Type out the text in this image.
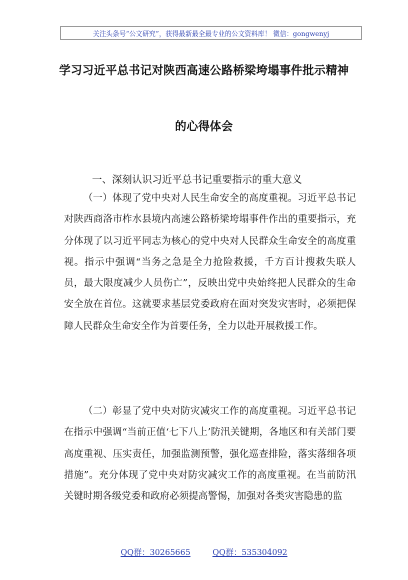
关注头条号“公文研究”，获得最新最全最专业的公文资料库！ 微信：gongwenyj
学习习近平总书记对陕西高速公路桥梁垮塌事件批示精神
的心得体会
一、深刻认识习近平总书记重要指示的重大意义

（一）体现了党中央对人民生命安全的高度重视。习近平总书记对陕西商洛市柞水县境内高速公路桥梁垮塌事件作出的重要指示，充分体现了以习近平同志为核心的党中央对人民群众生命安全的高度重视。指示中强调“当务之急是全力抢险救援，千方百计搜救失联人员，最大限度减少人员伤亡”，反映出党中央始终把人民群众的生命安全放在首位。这就要求基层党委政府在面对突发灾害时，必须把保障人民群众生命安全作为首要任务，全力以赴开展救援工作。

（二）彰显了党中央对防灾减灾工作的高度重视。习近平总书记在指示中强调“当前正值‘七下八上’防汛关键期，各地区和有关部门要高度重视、压实责任，加强监测预警，强化巡查排险，落实落细各项措施”。充分体现了党中央对防灾减灾工作的高度重视。在当前防汛关键时期各级党委和政府必须提高警惕，加强对各类灾害隐患的监

QQ群：30265665	QQ群：535304092
